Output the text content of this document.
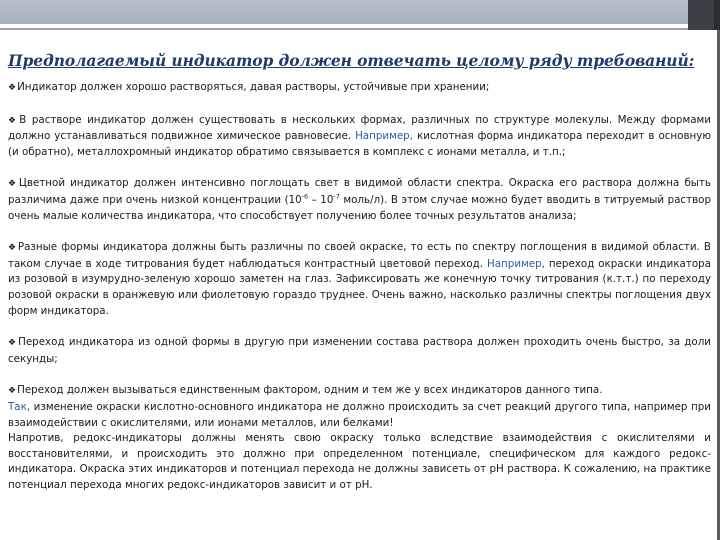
Предполагаемый индикатор должен отвечать целому ряду требований:

❖Индикатор должен хорошо растворяться, давая растворы, устойчивые при хранении;

❖В растворе индикатор должен существовать в нескольких формах, различных по структуре молекулы. Между формами должно устанавливаться подвижное химическое равновесие. Например, кислотная форма индикатора переходит в основную (и обратно), металлохромный индикатор обратимо связывается в комплекс с ионами металла, и т.п.;

❖Цветной индикатор должен интенсивно поглощать свет в видимой области спектра. Окраска его раствора должна быть различима даже при очень низкой концентрации ($10^{-6} - 10^{-7}$ моль/л). В этом случае можно будет вводить в титруемый раствор очень малые количества индикатора, что способствует получению более точных результатов анализа;

❖Разные формы индикатора должны быть различны по своей окраске, то есть по спектру поглощения в видимой области. В таком случае в ходе титрования будет наблюдаться контрастный цветовой переход. Например, переход окраски индикатора из розовой в изумрудно-зеленую хорошо заметен на глаз. Зафиксировать же конечную точку титрования (к.т.т.) по переходу розовой окраски в оранжевую или фиолетовую гораздо труднее. Очень важно, насколько различны спектры поглощения двух форм индикатора.

❖Переход индикатора из одной формы в другую при изменении состава раствора должен проходить очень быстро, за доли секунды;

❖Переход должен вызываться единственным фактором, одним и тем же у всех индикаторов данного типа.

Так, изменение окраски кислотно-основного индикатора не должно происходить за счет реакций другого типа, например при взаимодействии с окислителями, или ионами металлов, или белками!

Напротив, редокс-индикаторы должны менять свою окраску только вследствие взаимодействия с окислителями и восстановителями, и происходить это должно при определенном потенциале, специфическом для каждого редокс-индикатора. Окраска этих индикаторов и потенциал перехода не должны зависеть от pH раствора. К сожалению, на практике потенциал перехода многих редокс-индикаторов зависит и от pH.
